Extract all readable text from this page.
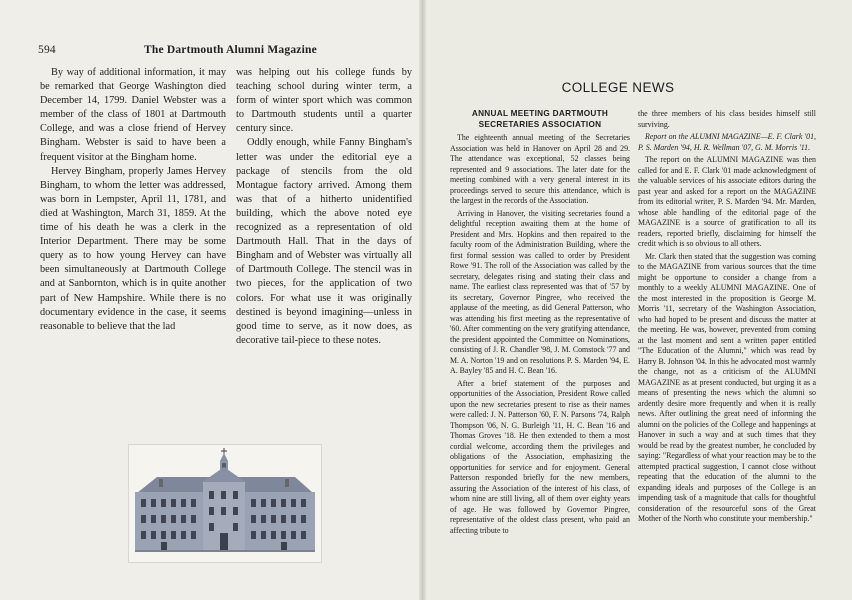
594	The Dartmouth Alumni Magazine

By way of additional information, it may be remarked that George Washington died December 14, 1799. Daniel Webster was a member of the class of 1801 at Dartmouth College, and was a close friend of Hervey Bingham. Webster is said to have been a frequent visitor at the Bingham home.

Hervey Bingham, properly James Hervey Bingham, to whom the letter was addressed, was born in Lempster, April 11, 1781, and died at Washington, March 31, 1859. At the time of his death he was a clerk in the Interior Department. There may be some query as to how young Hervey can have been simultaneously at Dartmouth College and at Sanbornton, which is in quite another part of New Hampshire. While there is no documentary evidence in the case, it seems reasonable to believe that the lad

was helping out his college funds by teaching school during winter term, a form of winter sport which was common to Dartmouth students until a quarter century since.

Oddly enough, while Fanny Bingham's letter was under the editorial eye a package of stencils from the old Montague factory arrived. Among them was that of a hitherto unidentified building, which the above noted eye recognized as a representation of old Dartmouth Hall. That in the days of Bingham and of Webster was virtually all of Dartmouth College. The stencil was in two pieces, for the application of two colors. For what use it was originally destined is beyond imagining—unless in good time to serve, as it now does, as decorative tail-piece to these notes.

COLLEGE NEWS
ANNUAL MEETING DARTMOUTH
SECRETARIES ASSOCIATION

The eighteenth annual meeting of the Secretaries Association was held in Hanover on April 28 and 29. The attendance was exceptional, 52 classes being represented and 9 associations. The later date for the meeting combined with a very general interest in its proceedings served to secure this attendance, which is the largest in the records of the Association.

Arriving in Hanover, the visiting secretaries found a delightful reception awaiting them at the home of President and Mrs. Hopkins and then repaired to the faculty room of the Administration Building, where the first formal session was called to order by President Rowe '91. The roll of the Association was called by the secretary, delegates rising and stating their class and name. The earliest class represented was that of '57 by its secretary, Governor Pingree, who received the applause of the meeting, as did General Patterson, who was attending his first meeting as the representative of '60. After commenting on the very gratifying attendance, the president appointed the Committee on Nominations, consisting of J. R. Chandler '98, J. M. Comstock '77 and M. A. Norton '19 and on resolutions P. S. Marden '94, E. A. Bayley '85 and H. C. Bean '16.

After a brief statement of the purposes and opportunities of the Association, President Rowe called upon the new secretaries present to rise as their names were called: J. N. Patterson '60, F. N. Parsons '74, Ralph Thompson '06, N. G. Burleigh '11, H. C. Bean '16 and Thomas Groves '18. He then extended to them a most cordial welcome, according them the privileges and obligations of the Association, emphasizing the opportunities for service and for enjoyment. General Patterson responded briefly for the new members, assuring the Association of the interest of his class, of whom nine are still living, all of them over eighty years of age. He was followed by Governor Pingree, representative of the oldest class present, who paid an affecting tribute to

the three members of his class besides himself still surviving.

Report on the ALUMNI MAGAZINE—E. F. Clark '01, P. S. Marden '94, H. R. Wellman '07, G. M. Morris '11.

The report on the ALUMNI MAGAZINE was then called for and E. F. Clark '01 made acknowledgment of the valuable services of his associate editors during the past year and asked for a report on the MAGAZINE from its editorial writer, P. S. Marden '94. Mr. Marden, whose able handling of the editorial page of the MAGAZINE is a source of gratification to all its readers, reported briefly, disclaiming for himself the credit which is so obvious to all others.

Mr. Clark then stated that the suggestion was coming to the MAGAZINE from various sources that the time might be opportune to consider a change from a monthly to a weekly ALUMNI MAGAZINE. One of the most interested in the proposition is George M. Morris '11, secretary of the Washington Association, who had hoped to be present and discuss the matter at the meeting. He was, however, prevented from coming at the last moment and sent a written paper entitled "The Education of the Alumni," which was read by Harry B. Johnson '04. In this he advocated most warmly the change, not as a criticism of the ALUMNI MAGAZINE as at present conducted, but urging it as a means of presenting the news which the alumni so ardently desire more frequently and when it is really news. After outlining the great need of informing the alumni on the policies of the College and happenings at Hanover in such a way and at such times that they would be read by the greatest number, he concluded by saying: "Regardless of what your reaction may be to the attempted practical suggestion, I cannot close without repeating that the education of the alumni to the expanding ideals and purposes of the College is an impending task of a magnitude that calls for thoughtful consideration of the resourceful sons of the Great Mother of the North who constitute your membership."
